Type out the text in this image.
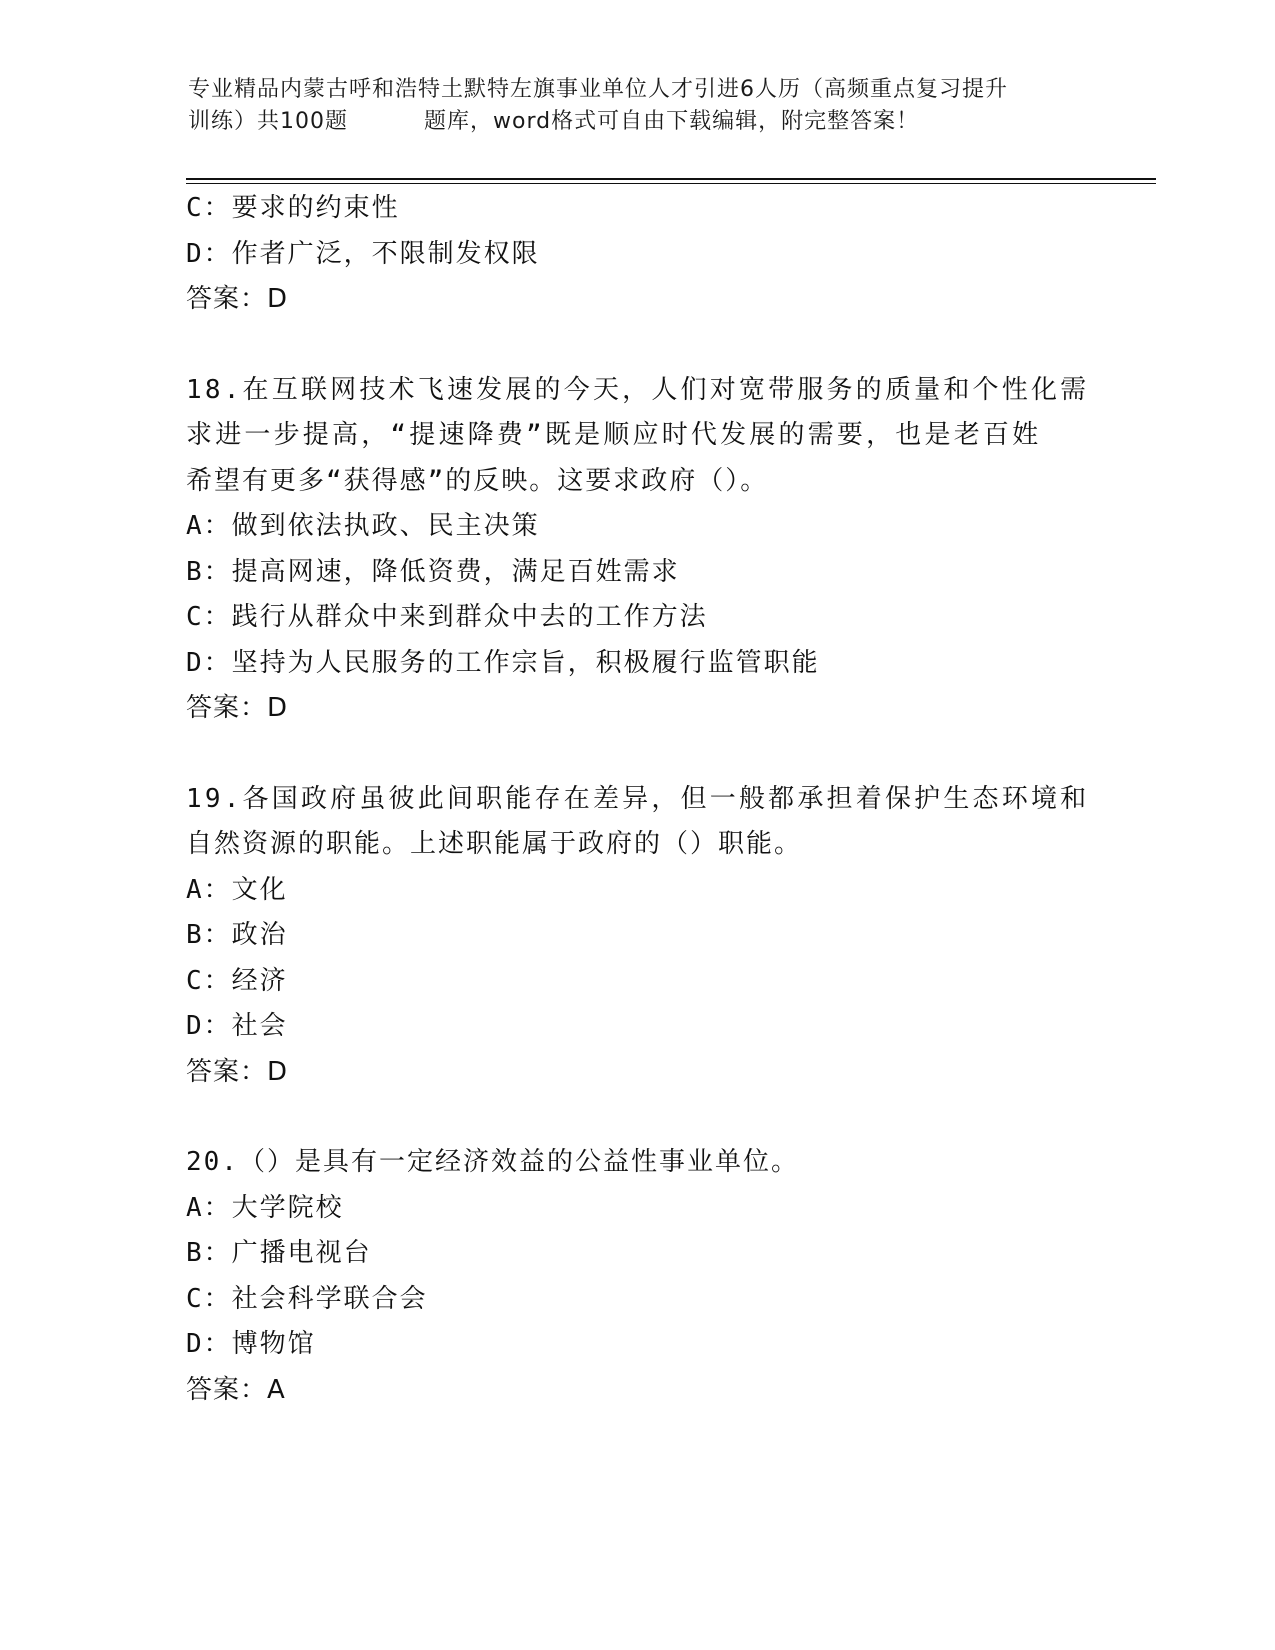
专业精品内蒙古呼和浩特土默特左旗事业单位人才引进6人历（高频重点复习提升
训练）共100题	题库，word格式可自由下载编辑，附完整答案！
C：要求的约束性
D：作者广泛，不限制发权限
答案：D
18.在互联网技术飞速发展的今天，人们对宽带服务的质量和个性化需
求进一步提高，“提速降费”既是顺应时代发展的需要，也是老百姓
希望有更多“获得感”的反映。这要求政府（）。
A：做到依法执政、民主决策
B：提高网速，降低资费，满足百姓需求
C：践行从群众中来到群众中去的工作方法
D：坚持为人民服务的工作宗旨，积极履行监管职能
答案：D
19.各国政府虽彼此间职能存在差异，但一般都承担着保护生态环境和
自然资源的职能。上述职能属于政府的（）职能。
A：文化
B：政治
C：经济
D：社会
答案：D
20.（）是具有一定经济效益的公益性事业单位。
A：大学院校
B：广播电视台
C：社会科学联合会
D：博物馆
答案：A
